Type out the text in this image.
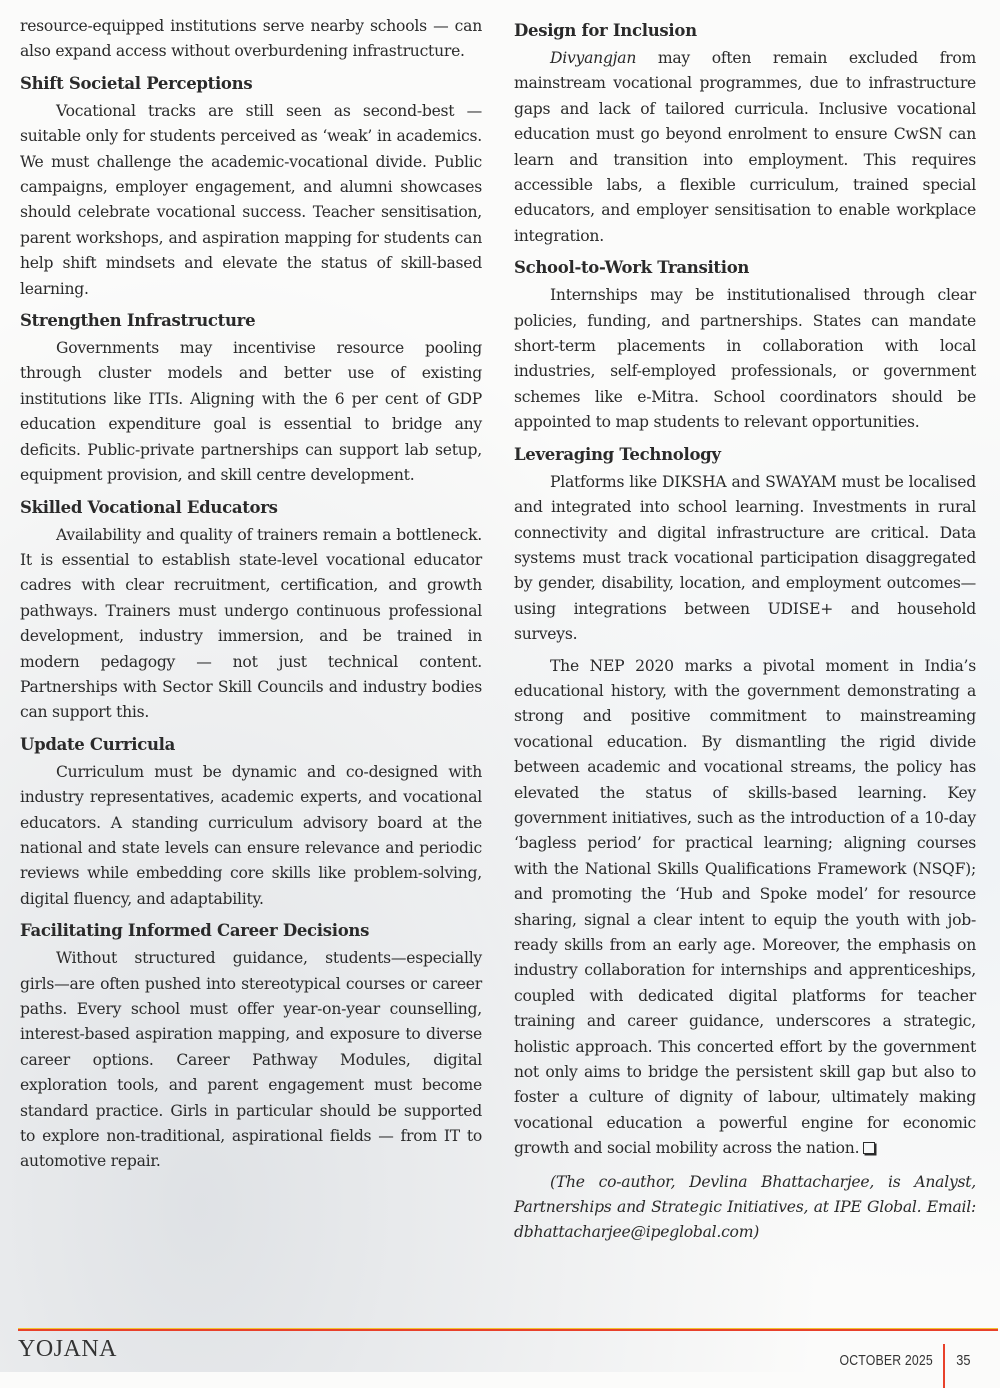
resource-equipped institutions serve nearby schools — can also expand access without overburdening infrastructure.

Shift Societal Perceptions

Vocational tracks are still seen as second-best — suitable only for students perceived as ‘weak’ in academics. We must challenge the academic-vocational divide. Public campaigns, employer engagement, and alumni showcases should celebrate vocational success. Teacher sensitisation, parent workshops, and aspiration mapping for students can help shift mindsets and elevate the status of skill-based learning.

Strengthen Infrastructure

Governments may incentivise resource pooling through cluster models and better use of existing institutions like ITIs. Aligning with the 6 per cent of GDP education expenditure goal is essential to bridge any deficits. Public-private partnerships can support lab setup, equipment provision, and skill centre development.

Skilled Vocational Educators

Availability and quality of trainers remain a bottleneck. It is essential to establish state-level vocational educator cadres with clear recruitment, certification, and growth pathways. Trainers must undergo continuous professional development, industry immersion, and be trained in modern pedagogy — not just technical content. Partnerships with Sector Skill Councils and industry bodies can support this.

Update Curricula

Curriculum must be dynamic and co-designed with industry representatives, academic experts, and vocational educators. A standing curriculum advisory board at the national and state levels can ensure relevance and periodic reviews while embedding core skills like problem-solving, digital fluency, and adaptability.

Facilitating Informed Career Decisions

Without structured guidance, students—especially girls—are often pushed into stereotypical courses or career paths. Every school must offer year-on-year counselling, interest-based aspiration mapping, and exposure to diverse career options. Career Pathway Modules, digital exploration tools, and parent engagement must become standard practice. Girls in particular should be supported to explore non-traditional, aspirational fields — from IT to automotive repair.

Design for Inclusion

Divyangjan may often remain excluded from mainstream vocational programmes, due to infrastructure gaps and lack of tailored curricula. Inclusive vocational education must go beyond enrolment to ensure CwSN can learn and transition into employment. This requires accessible labs, a flexible curriculum, trained special educators, and employer sensitisation to enable workplace integration.

School-to-Work Transition

Internships may be institutionalised through clear policies, funding, and partnerships. States can mandate short-term placements in collaboration with local industries, self-employed professionals, or government schemes like e-Mitra. School coordinators should be appointed to map students to relevant opportunities.

Leveraging Technology

Platforms like DIKSHA and SWAYAM must be localised and integrated into school learning. Investments in rural connectivity and digital infrastructure are critical. Data systems must track vocational participation disaggregated by gender, disability, location, and employment outcomes—using integrations between UDISE+ and household surveys.

The NEP 2020 marks a pivotal moment in India’s educational history, with the government demonstrating a strong and positive commitment to mainstreaming vocational education. By dismantling the rigid divide between academic and vocational streams, the policy has elevated the status of skills-based learning. Key government initiatives, such as the introduction of a 10-day ‘bagless period’ for practical learning; aligning courses with the National Skills Qualifications Framework (NSQF); and promoting the ‘Hub and Spoke model’ for resource sharing, signal a clear intent to equip the youth with job-ready skills from an early age. Moreover, the emphasis on industry collaboration for internships and apprenticeships, coupled with dedicated digital platforms for teacher training and career guidance, underscores a strategic, holistic approach. This concerted effort by the government not only aims to bridge the persistent skill gap but also to foster a culture of dignity of labour, ultimately making vocational education a powerful engine for economic growth and social mobility across the nation.

(The co-author, Devlina Bhattacharjee, is Analyst, Partnerships and Strategic Initiatives, at IPE Global. Email: dbhattacharjee@ipeglobal.com)

YOJANA	OCTOBER 2025 35
